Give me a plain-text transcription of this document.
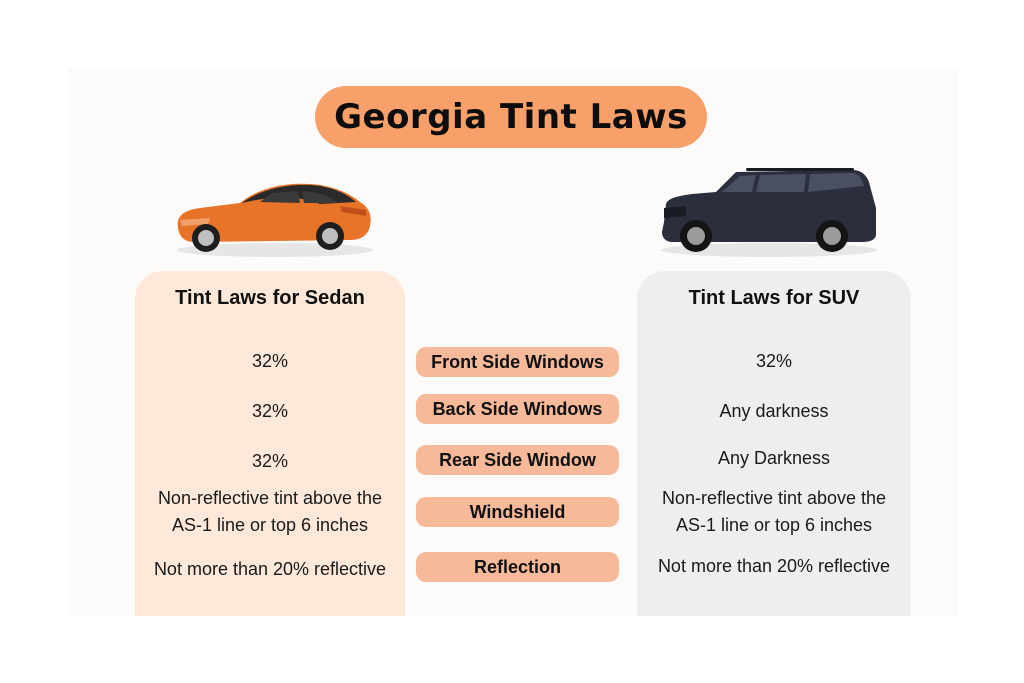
Georgia Tint Laws
Tint Laws for Sedan
32%
32%
32%
Non-reflective tint above the AS-1 line or top 6 inches
Not more than 20% reflective
Tint Laws for SUV
32%
Any darkness
Any Darkness
Non-reflective tint above the AS-1 line or top 6 inches
Not more than 20% reflective
Front Side Windows
Back Side Windows
Rear Side Window
Windshield
Reflection
